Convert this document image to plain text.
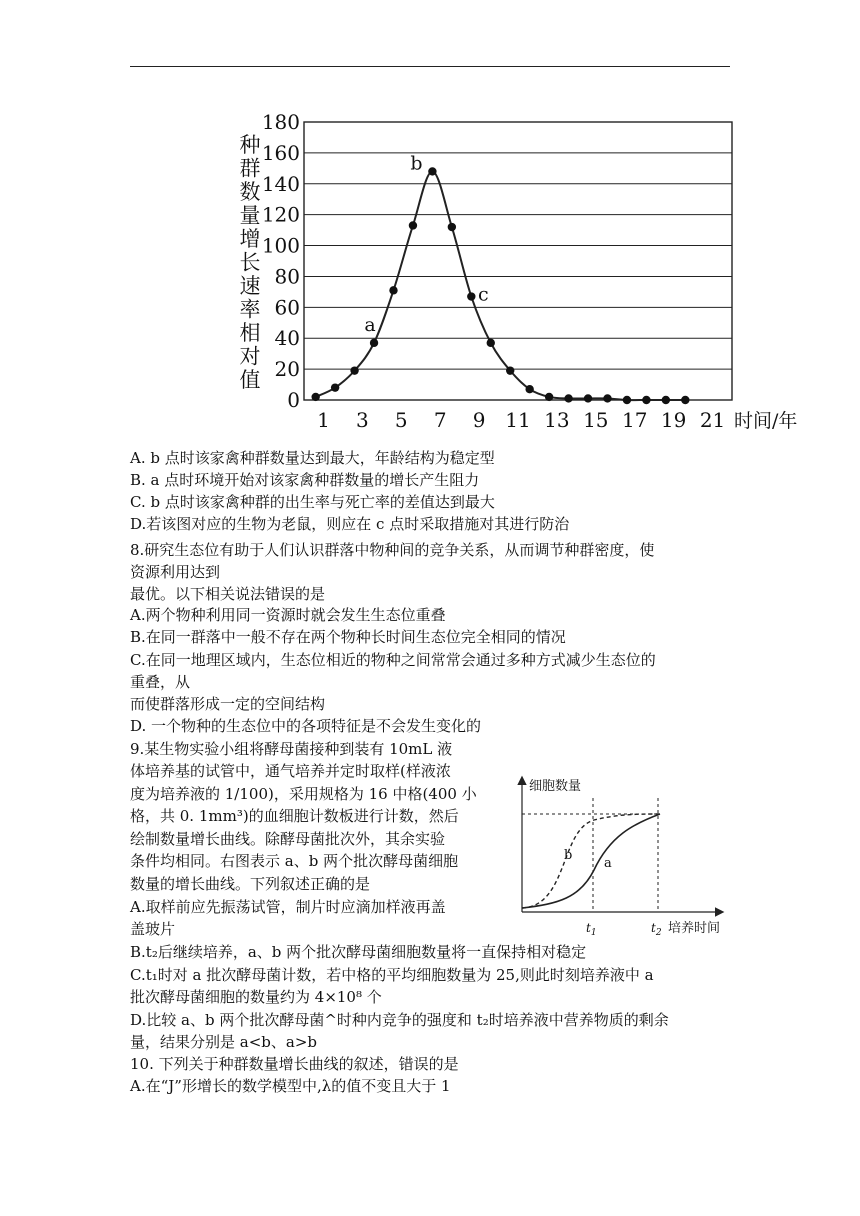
0
20
40
60
80
100
120
140
160
180
1 3 5 7 9 11 13 15 17 19 21
a
b
c
种
群
数
量
增
长
速
率
相
对
值
时间/年
A. b 点时该家禽种群数量达到最大，年龄结构为稳定型
B. a 点时环境开始对该家禽种群数量的增长产生阻力
C. b 点时该家禽种群的出生率与死亡率的差值达到最大
D.若该图对应的生物为老鼠，则应在 c 点时采取措施对其进行防治
8.研究生态位有助于人们认识群落中物种间的竞争关系，从而调节种群密度，使
资源利用达到
最优。以下相关说法错误的是
A.两个物种利用同一资源时就会发生生态位重叠
B.在同一群落中一般不存在两个物种长时间生态位完全相同的情况
C.在同一地理区域内，生态位相近的物种之间常常会通过多种方式减少生态位的
重叠，从
而使群落形成一定的空间结构
D. 一个物种的生态位中的各项特征是不会发生变化的
9.某生物实验小组将酵母菌接种到装有 10mL 液
体培养基的试管中，通气培养并定时取样(样液浓
度为培养液的 1/100)，采用规格为 16 中格(400 小
格，共 0. 1mm³)的血细胞计数板进行计数，然后
绘制数量增长曲线。除酵母菌批次外，其余实验
条件均相同。右图表示 a、b 两个批次酵母菌细胞
数量的增长曲线。下列叙述正确的是
A.取样前应先振荡试管，制片时应滴加样液再盖
盖玻片
B.t₂后继续培养，a、b 两个批次酵母菌细胞数量将一直保持相对稳定
C.t₁时对 a 批次酵母菌计数，若中格的平均细胞数量为 25,则此时刻培养液中 a
批次酵母菌细胞的数量约为 4×10⁸ 个
D.比较 a、b 两个批次酵母菌^时种内竞争的强度和 t₂时培养液中营养物质的剩余
量，结果分别是 a<b、a>b
10. 下列关于种群数量增长曲线的叙述，错误的是
A.在“J”形增长的数学模型中,λ的值不变且大于 1
细胞数量
培养时间
b
a
$t_1$	$t_2$
